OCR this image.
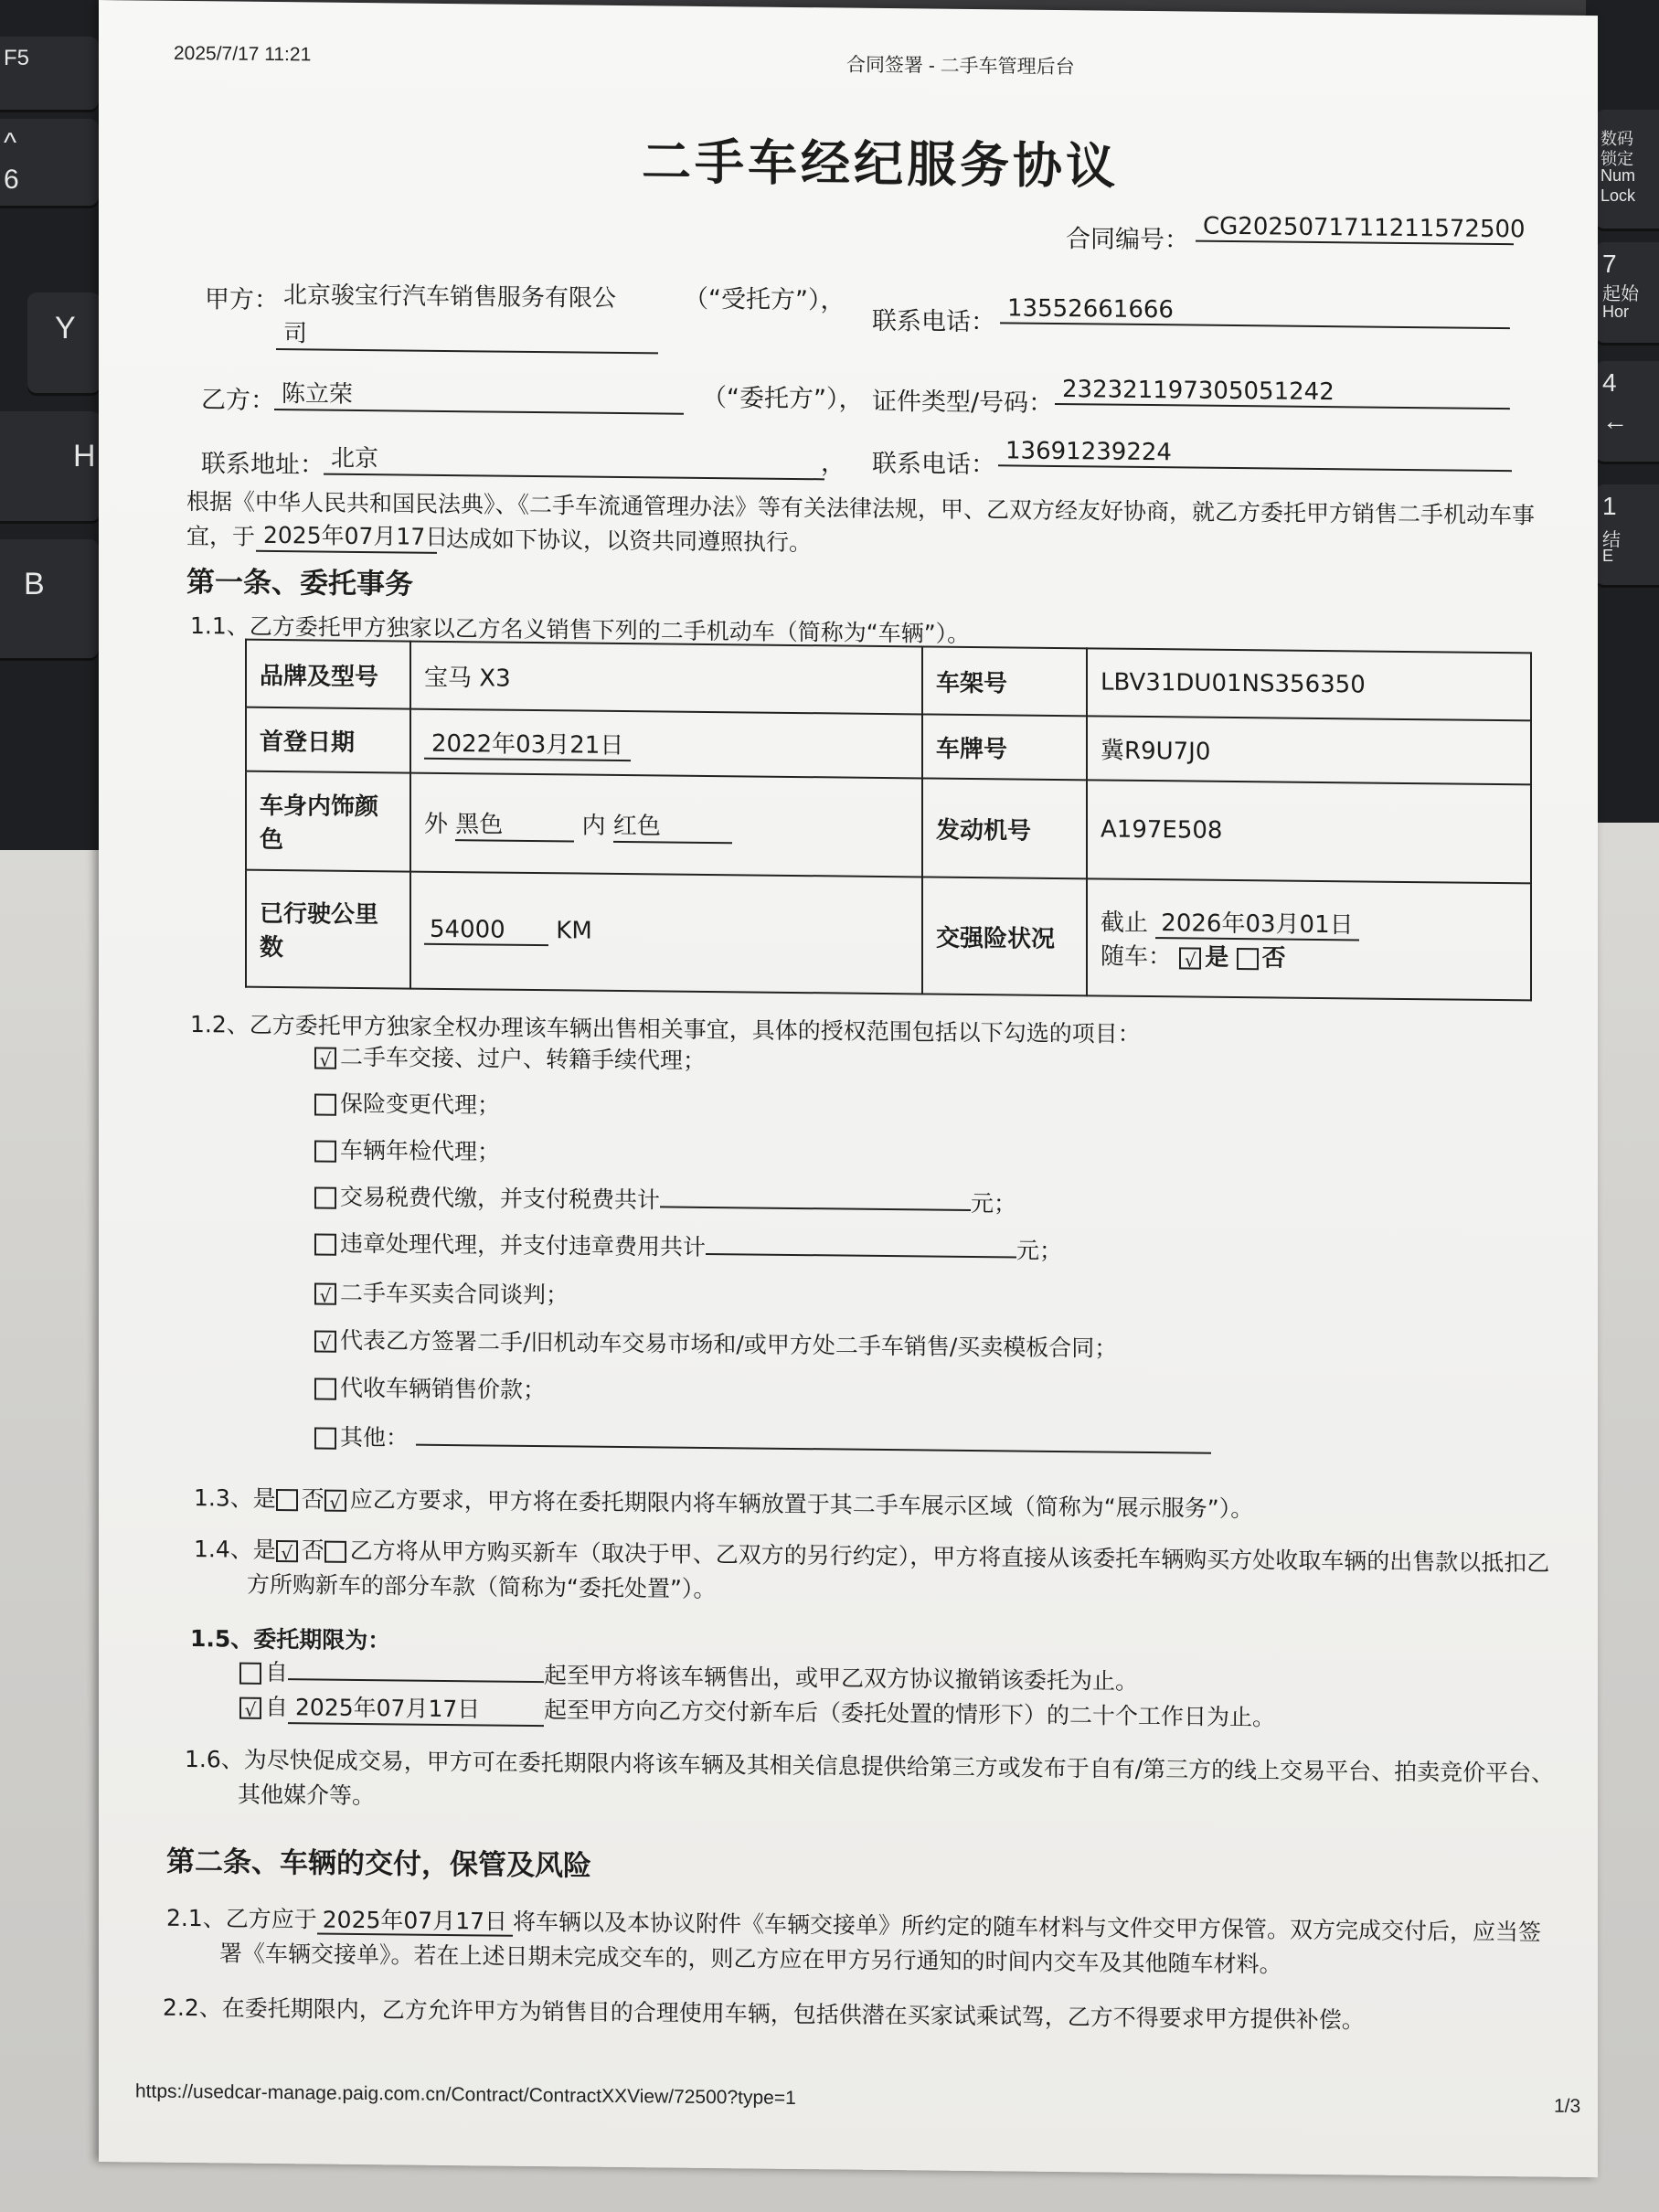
F5
^
6
Y
H
B
数码
锁定
Num
Lock
7
起始
Hor
4
←
1
结
E
2025/7/17 11:21
合同签署 - 二手车管理后台
二手车经纪服务协议
合同编号： CG2025071711211572500
甲方： 北京骏宝行汽车销售服务有限公
司
（“受托方”），
联系电话： 13552661666
乙方： 陈立荣	（“委托方”）， 证件类型/号码： 232321197305051242
联系地址： 北京	， 联系电话： 13691239224
根据《中华人民共和国民法典》、《二手车流通管理办法》等有关法律法规，甲、乙双方经友好协商，就乙方委托甲方销售二手机动车事
宜，于 2025年07月17日
达成如下协议，以资共同遵照执行。
第一条、委托事务
1.1、乙方委托甲方独家以乙方名义销售下列的二手机动车（简称为“车辆”）。
品牌及型号	宝马 X3	车架号	LBV31DU01NS356350
首登日期	2022年03月21日	车牌号	冀R9U7J0
车身内饰颜
色	外 黑色 内 红色	发动机号	A197E508
已行驶公里
数	54000 KM	交强险状况	截止 2026年03月01日
随车： √ 是 否
1.2、乙方委托甲方独家全权办理该车辆出售相关事宜，具体的授权范围包括以下勾选的项目：
√ 二手车交接、过户、转籍手续代理；
保险变更代理；
车辆年检代理；
交易税费代缴，并支付税费共计	元；
违章处理代理，并支付违章费用共计	元；
√ 二手车买卖合同谈判；
√ 代表乙方签署二手/旧机动车交易市场和/或甲方处二手车销售/买卖模板合同；
代收车辆销售价款；
其他：
1.3、是 否 √ 应乙方要求，甲方将在委托期限内将车辆放置于其二手车展示区域（简称为“展示服务”）。
1.4、是 √ 否 乙方将从甲方购买新车（取决于甲、乙双方的另行约定），甲方将直接从该委托车辆购买方处收取车辆的出售款以抵扣乙
方所购新车的部分车款（简称为“委托处置”）。
1.5、委托期限为：
自	起至甲方将该车辆售出，或甲乙双方协议撤销该委托为止。
√ 自 2025年07月17日	起至甲方向乙方交付新车后（委托处置的情形下）的二十个工作日为止。
1.6、为尽快促成交易，甲方可在委托期限内将该车辆及其相关信息提供给第三方或发布于自有/第三方的线上交易平台、拍卖竞价平台、
其他媒介等。
第二条、车辆的交付，保管及风险
2.1、乙方应于 2025年07月17日 将车辆以及本协议附件《车辆交接单》所约定的随车材料与文件交甲方保管。双方完成交付后，应当签
署《车辆交接单》。若在上述日期未完成交车的，则乙方应在甲方另行通知的时间内交车及其他随车材料。
2.2、在委托期限内，乙方允许甲方为销售目的合理使用车辆，包括供潜在买家试乘试驾，乙方不得要求甲方提供补偿。
https://usedcar-manage.paig.com.cn/Contract/ContractXXView/72500?type=1	1/3
